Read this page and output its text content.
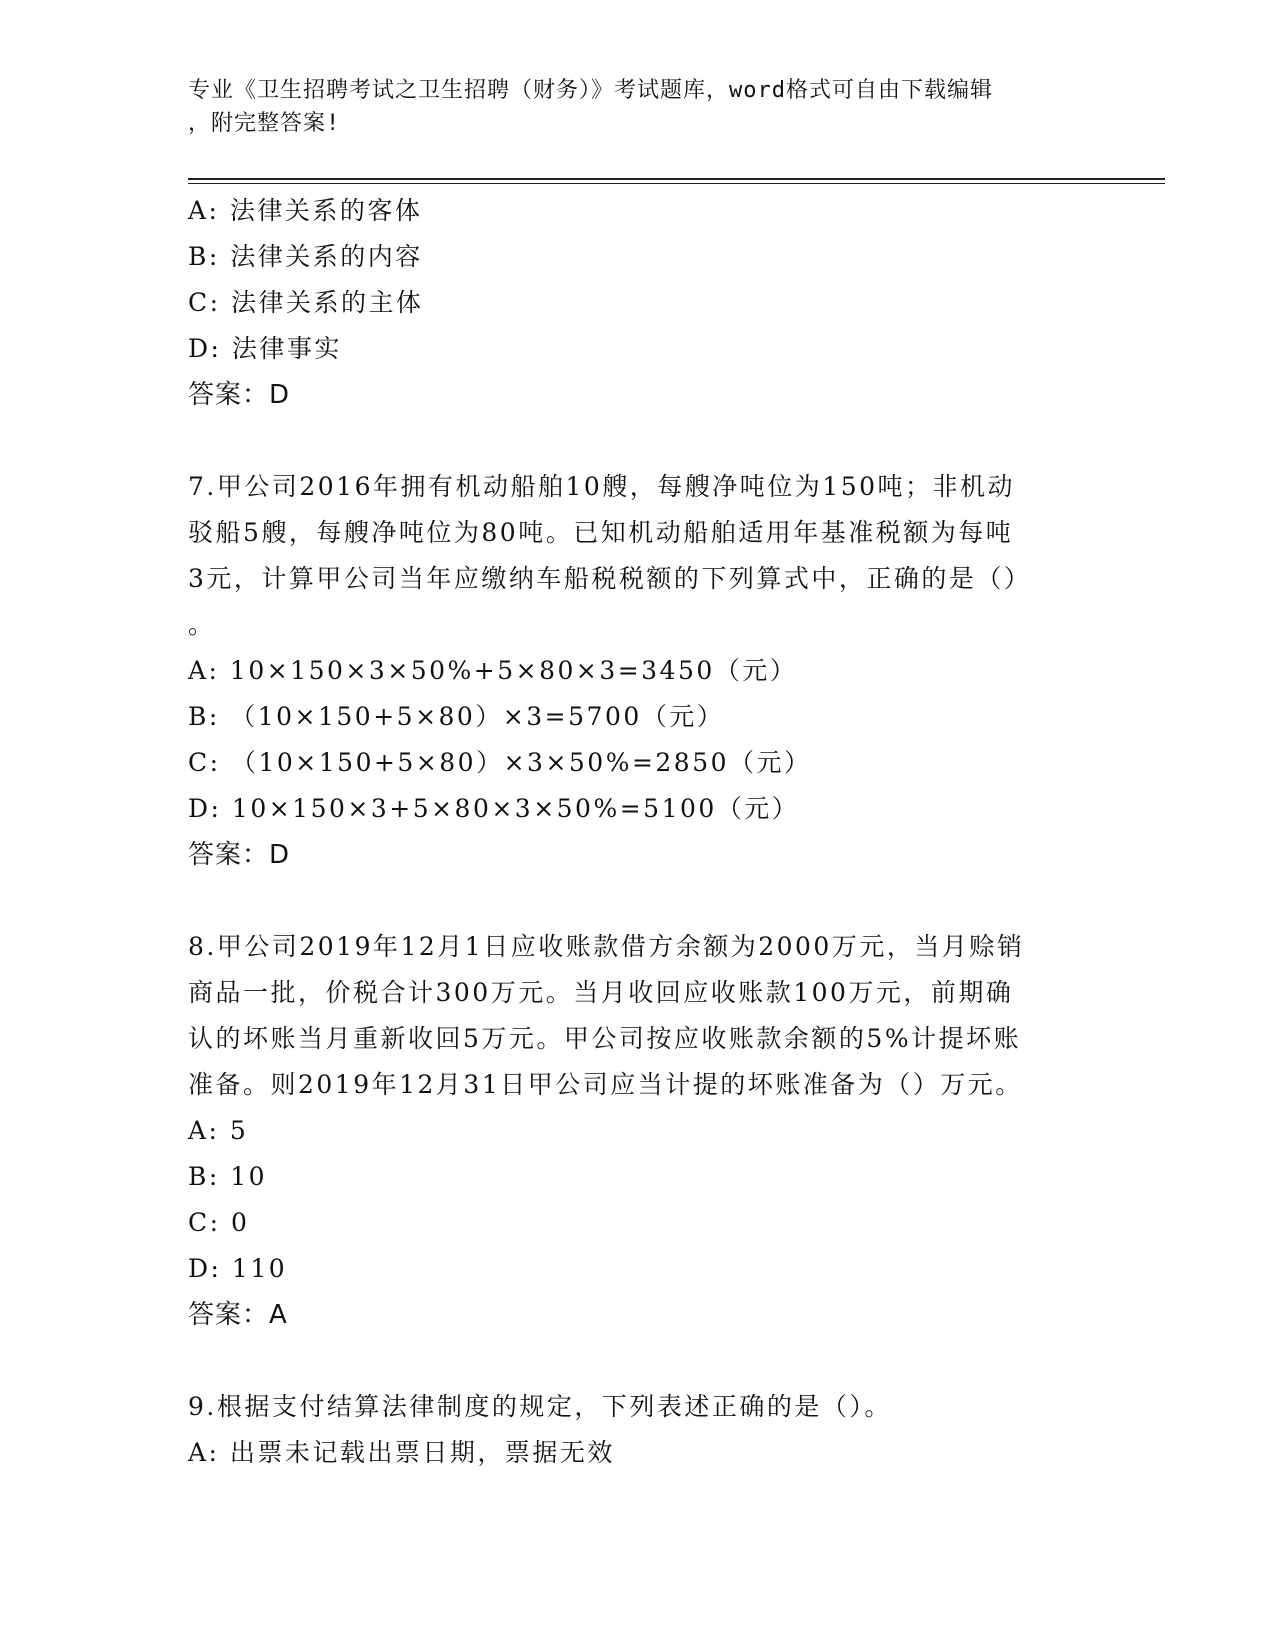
专业《卫生招聘考试之卫生招聘（财务）》考试题库，word格式可自由下载编辑
，附完整答案!
A: 法律关系的客体
B: 法律关系的内容
C: 法律关系的主体
D: 法律事实
答案：D
7.甲公司2016年拥有机动船舶10艘，每艘净吨位为150吨；非机动
驳船5艘，每艘净吨位为80吨。已知机动船舶适用年基准税额为每吨
3元，计算甲公司当年应缴纳车船税税额的下列算式中，正确的是（）
。
A: 10×150×3×50%+5×80×3=3450（元）
B: （10×150+5×80）×3=5700（元）
C: （10×150+5×80）×3×50%=2850（元）
D: 10×150×3+5×80×3×50%=5100（元）
答案：D
8.甲公司2019年12月1日应收账款借方余额为2000万元，当月赊销
商品一批，价税合计300万元。当月收回应收账款100万元，前期确
认的坏账当月重新收回5万元。甲公司按应收账款余额的5%计提坏账
准备。则2019年12月31日甲公司应当计提的坏账准备为（）万元。
A: 5
B: 10
C: 0
D: 110
答案：A
9.根据支付结算法律制度的规定，下列表述正确的是（）。
A: 出票未记载出票日期，票据无效
